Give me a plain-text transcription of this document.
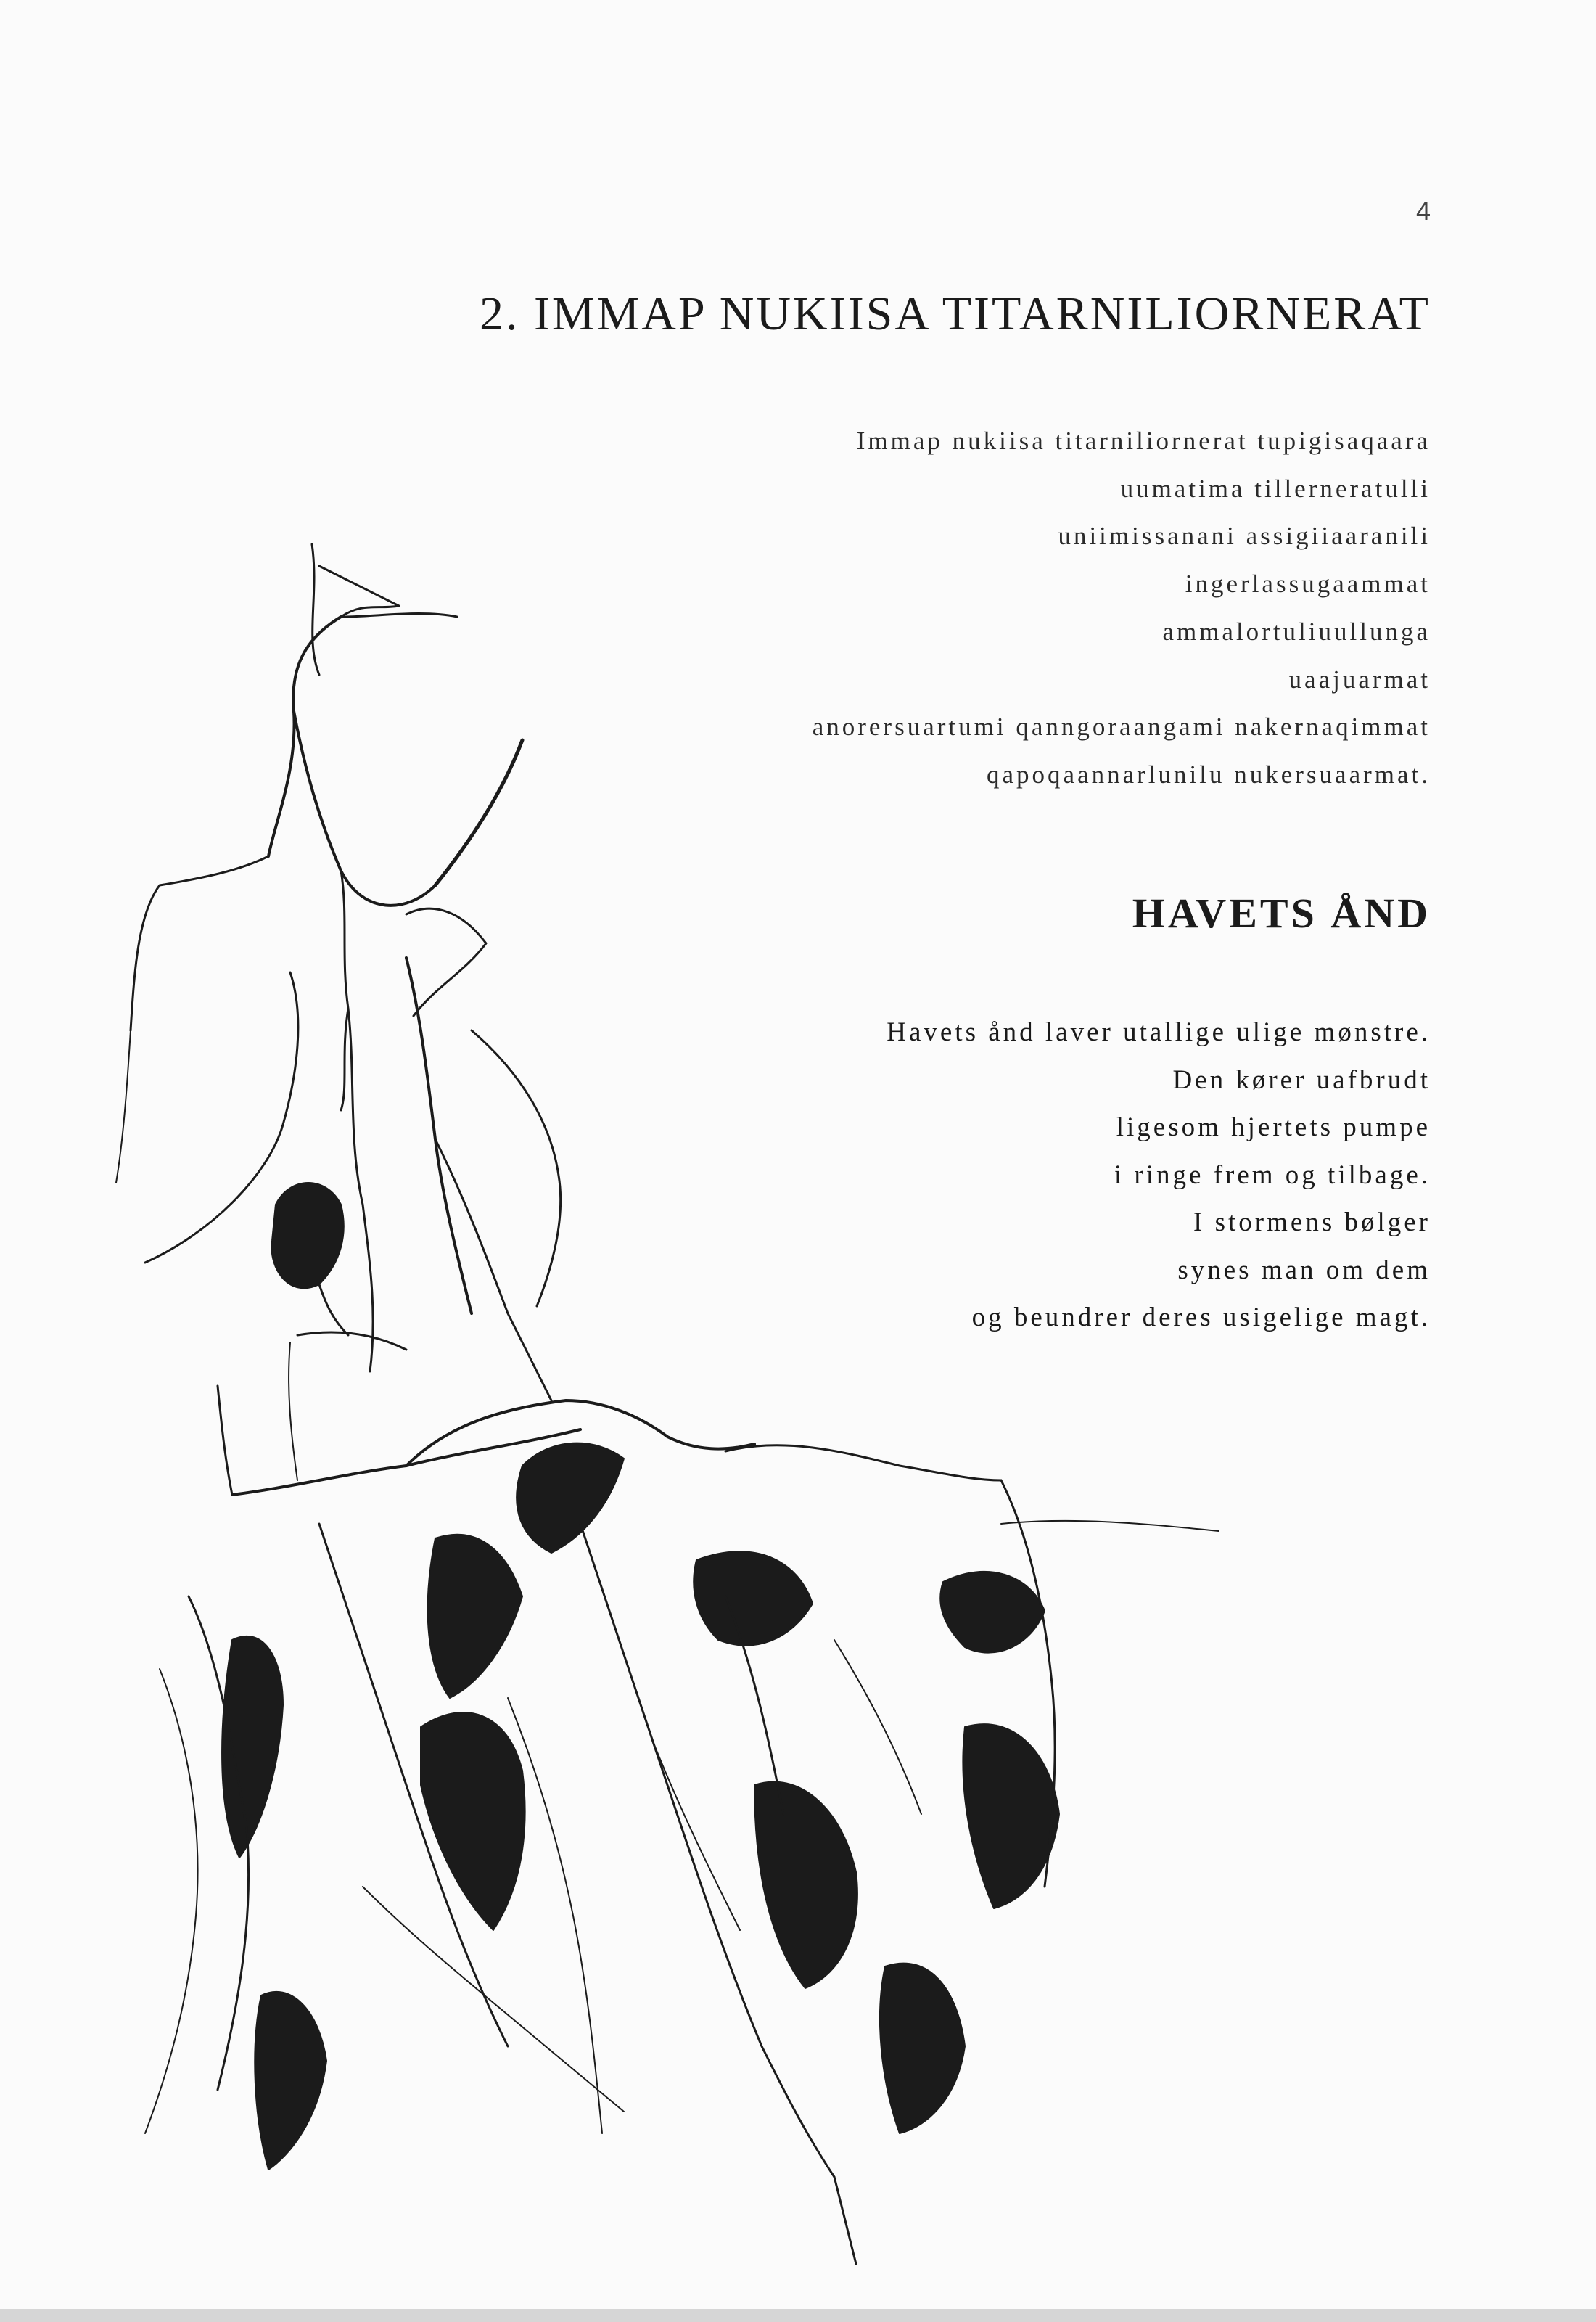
4
2. IMMAP NUKIISA TITARNILIORNERAT
Immap nukiisa titarniliornerat tupigisaqaara
uumatima tillerneratulli
uniimissanani assigiiaaranili
ingerlassugaammat
ammalortuliuullunga
uaajuarmat
anorersuartumi qanngoraangami nakernaqimmat
qapoqaannarlunilu nukersuaarmat.
HAVETS ÅND
Havets ånd laver utallige ulige mønstre.
Den kører uafbrudt
ligesom hjertets pumpe
i ringe frem og tilbage.
I stormens bølger
synes man om dem
og beundrer deres usigelige magt.
